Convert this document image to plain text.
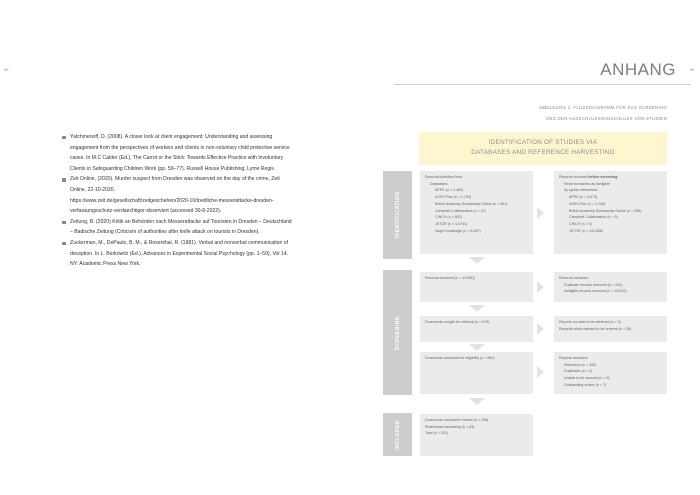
26	95
ANHANG
ABBILDUNG 1. FLUSSDIAGRAMM FÜR DAS SCREENING
UND DEN AUSSCHLUSS/EINSCHLUSS VON STUDIEN
Yatchmenoff, D. (2008). A closer look at client engagement: Understanding and assessing engagement from the perspectives of workers and clients in non-voluntary child protective service cases. In M.C Calder (Ed.), The Carrot or the Stick: Towards Effective Practice with Involuntary Clients in Safeguarding Children Work (pp. 59–77). Russell House Publishing, Lyme Regis.
Zeit Online, (2020). Murder suspect from Dresden was observed on the day of the crime, Zeit Online, 22-10-2020.
https://www.zeit.de/gesellschaft/zeitgeschehen/2020-10/toedliche-messerattacke-dresden-verfassungsschutz-verdaechtiger-observiert (accessed 30-8-2022).
Zeitung, B. (2020) Kritik an Behörden nach Messerattacke auf Touristen in Dresden – Deutschland – Badische Zeitung (Criticism of authorities after knife attack on tourists in Dresden).
Zuckerman, M., DePaulo, B. M., & Rosenthal, R. (1981). Verbal and nonverbal communication of deception. In L. Berkowitz (Ed.), Advances in Experimental Social Psychology (pp. 1–59), Vol 14. NY: Academic Press New York.
IDENTIFICATION OF STUDIES VIA
DATABASES AND REFERENCE HARVESTING
IDENTIFICATION
SCREENING
INCLUDED
Records identified from:
Databases:
APPD (n = 2,462)
ASSS Plus (n = 1,753)
British Academy Scholarship Online (n = 561)
Campbell Collaboration (n = 47)
CINCH (n = 802)
JSTOR (n = 4,4741)
Sage Knowledge (n = 8,487)
Records removed before screening:
Records marked as ineligible
by syntax refinement:
APPD (n = 4,673)
ASSS Plus (n = 1,240)
British Academy Scholarship Online (n = 596)
Campbell Collaboration (n = 5)
CINCH (n = 5)
JSTOR (n = 131,806)
Records screened (n = 15,850)	Records excluded:
Duplicate records removed (n = 232)
Ineligible records removed (n = 15,610)
Documents sought for retrieval (n = 579)	Reports not able to be retrieved (n = 3)
Records which needed to be ordered (n = 38)
Documents assessed for eligibility (n = 550)	Reports excluded:
Relevance (n = 260)
Duplicates (n = 2)
Unable to be sourced (n = 6)
Outstanding orders (n = 7)
Documents included in review (n = 238)
References harvesting (n = 83)
Total (n = 321)
